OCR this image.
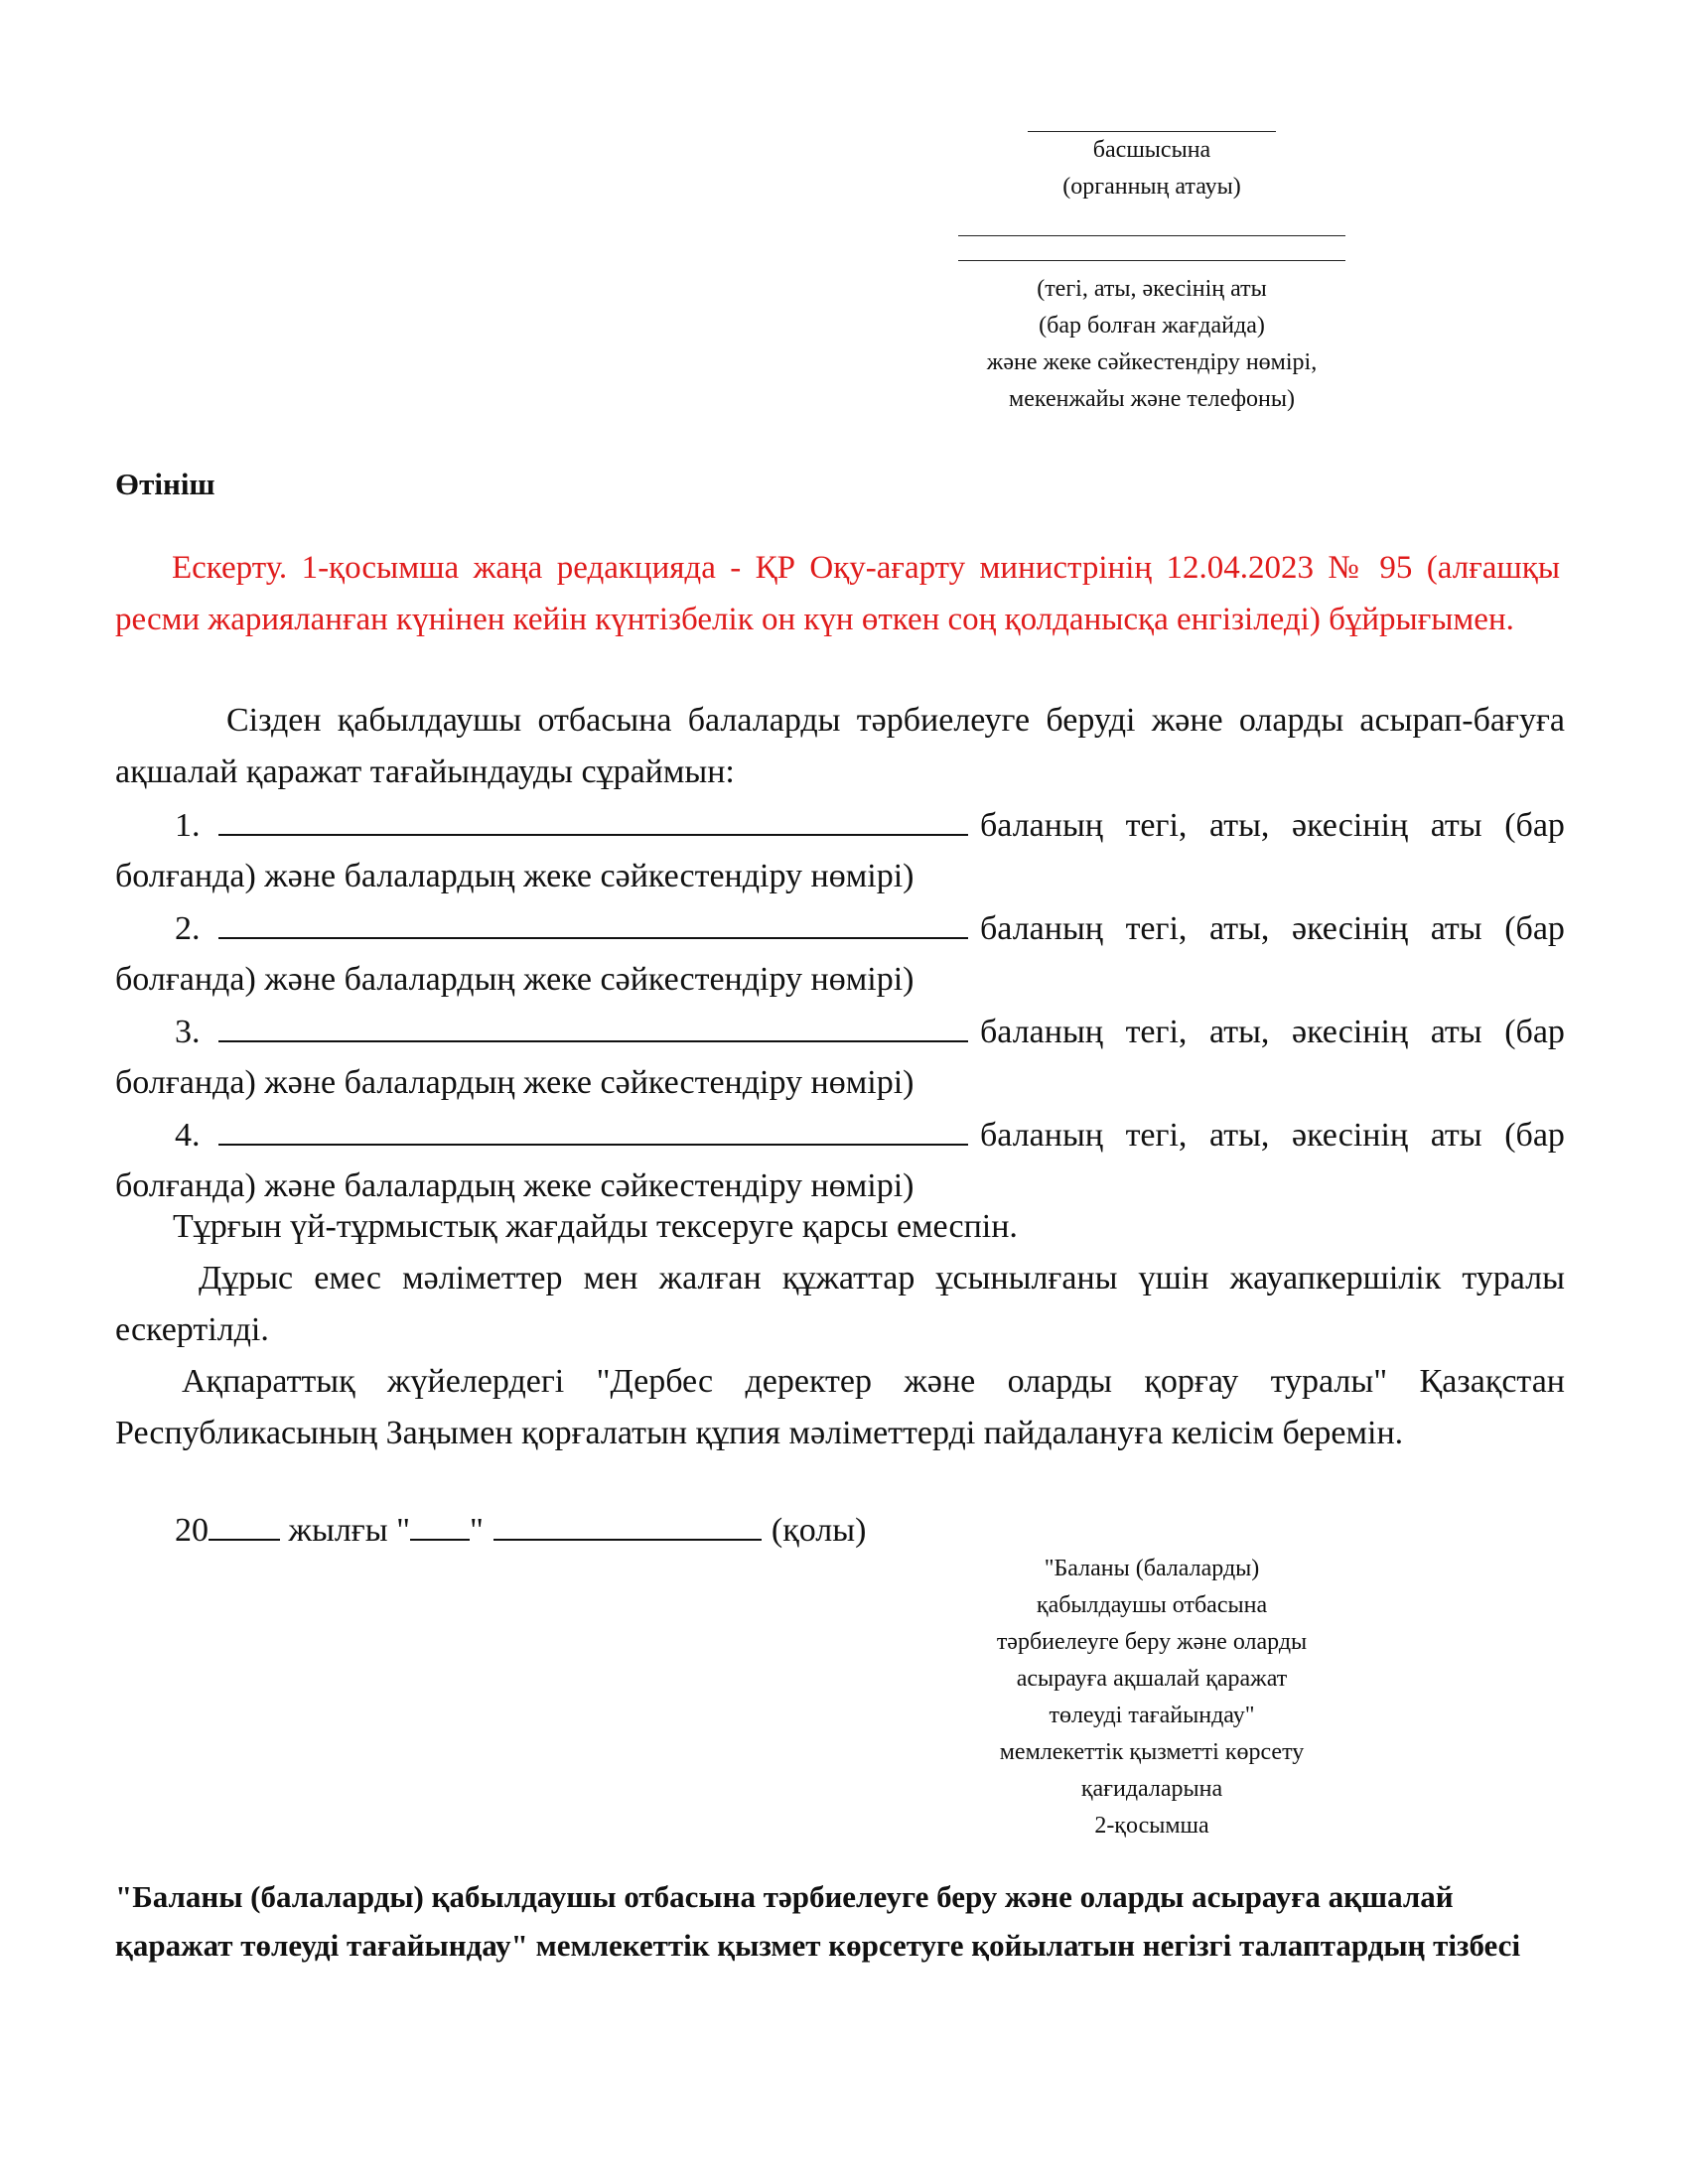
басшысына
(органның атауы)
(тегі, аты, әкесінің аты
(бар болған жағдайда)
және жеке сәйкестендіру нөмірі,
мекенжайы және телефоны)
Өтініш
Ескерту. 1-қосымша жаңа редакцияда - ҚР Оқу-ағарту министрінің 12.04.2023 № 95 (алғашқы ресми жарияланған күнінен кейін күнтізбелік он күн өткен соң қолданысқа енгізіледі) бұйрығымен.
Сізден қабылдаушы отбасына балаларды тәрбиелеуге беруді және оларды асырап-бағуға ақшалай қаражат тағайындауды сұраймын:
1.	баланың тегі, аты, әкесінің аты (бар
болғанда) және балалардың жеке сәйкестендіру нөмірі)
2.	баланың тегі, аты, әкесінің аты (бар
болғанда) және балалардың жеке сәйкестендіру нөмірі)
3.	баланың тегі, аты, әкесінің аты (бар
болғанда) және балалардың жеке сәйкестендіру нөмірі)
4.	баланың тегі, аты, әкесінің аты (бар
болғанда) және балалардың жеке сәйкестендіру нөмірі)
Тұрғын үй-тұрмыстық жағдайды тексеруге қарсы емеспін.
Дұрыс емес мәліметтер мен жалған құжаттар ұсынылғаны үшін жауапкершілік туралы ескертілді.
Ақпараттық жүйелердегі "Дербес деректер және оларды қорғау туралы" Қазақстан Республикасының Заңымен қорғалатын құпия мәліметтерді пайдалануға келісім беремін.
20 жылғы " "	(қолы)
"Баланы (балаларды)
қабылдаушы отбасына
тәрбиелеуге беру және оларды
асырауға ақшалай қаражат
төлеуді тағайындау"
мемлекеттік қызметті көрсету
қағидаларына
2-қосымша
"Баланы (балаларды) қабылдаушы отбасына тәрбиелеуге беру және оларды асырауға ақшалай қаражат төлеуді тағайындау" мемлекеттік қызмет көрсетуге қойылатын негізгі талаптардың тізбесі
